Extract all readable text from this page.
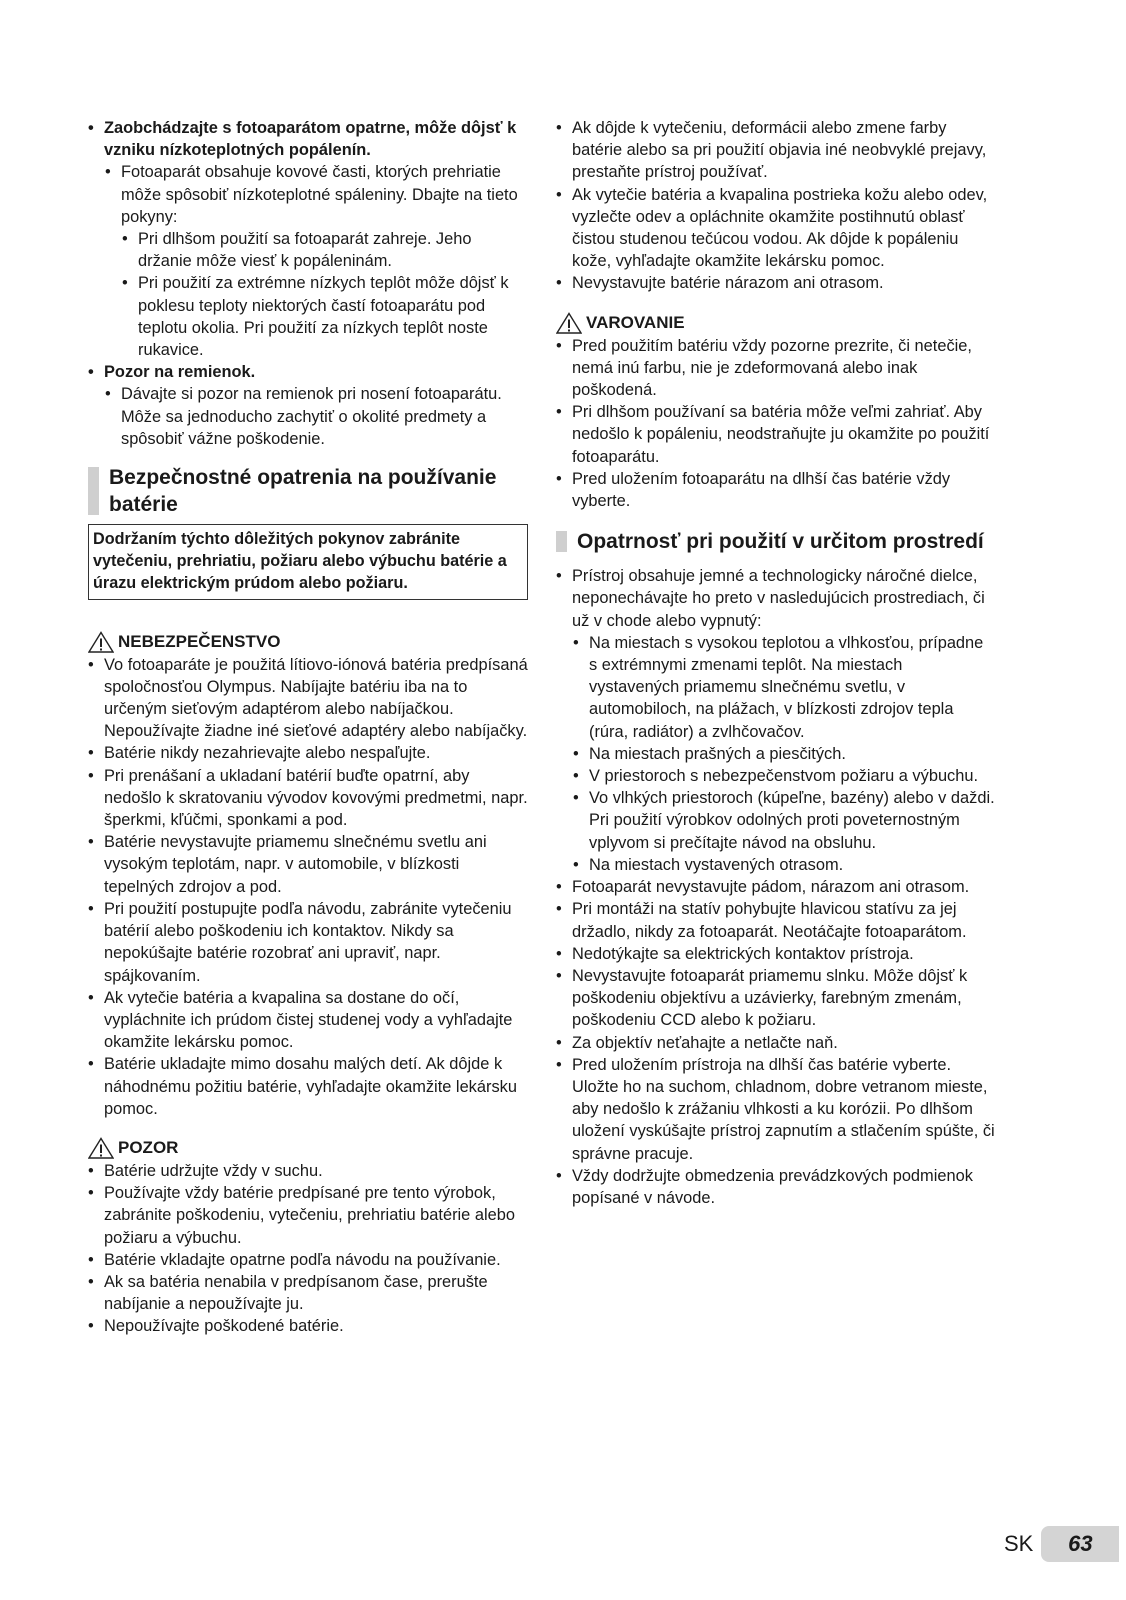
• Zaobchádzajte s fotoaparátom opatrne, môže dôjsť k vzniku nízkoteplotných popálenín.
• Fotoaparát obsahuje kovové časti, ktorých prehriatie môže spôsobiť nízkoteplotné spáleniny. Dbajte na tieto pokyny:
• Pri dlhšom použití sa fotoaparát zahreje. Jeho držanie môže viesť k popáleninám.
• Pri použití za extrémne nízkych teplôt môže dôjsť k poklesu teploty niektorých častí fotoaparátu pod teplotu okolia. Pri použití za nízkych teplôt noste rukavice.
• Pozor na remienok.
• Dávajte si pozor na remienok pri nosení fotoaparátu. Môže sa jednoducho zachytiť o okolité predmety a spôsobiť vážne poškodenie.
Bezpečnostné opatrenia na používanie batérie
Dodržaním týchto dôležitých pokynov zabránite vytečeniu, prehriatiu, požiaru alebo výbuchu batérie a úrazu elektrickým prúdom alebo požiaru.
NEBEZPEČENSTVO
• Vo fotoaparáte je použitá lítiovo-iónová batéria predpísaná spoločnosťou Olympus. Nabíjajte batériu iba na to určeným sieťovým adaptérom alebo nabíjačkou. Nepoužívajte žiadne iné sieťové adaptéry alebo nabíjačky.
• Batérie nikdy nezahrievajte alebo nespaľujte.
• Pri prenášaní a ukladaní batérií buďte opatrní, aby nedošlo k skratovaniu vývodov kovovými predmetmi, napr. šperkmi, kľúčmi, sponkami a pod.
• Batérie nevystavujte priamemu slnečnému svetlu ani vysokým teplotám, napr. v automobile, v blízkosti tepelných zdrojov a pod.
• Pri použití postupujte podľa návodu, zabránite vytečeniu batérií alebo poškodeniu ich kontaktov. Nikdy sa nepokúšajte batérie rozobrať ani upraviť, napr. spájkovaním.
• Ak vytečie batéria a kvapalina sa dostane do očí, vypláchnite ich prúdom čistej studenej vody a vyhľadajte okamžite lekársku pomoc.
• Batérie ukladajte mimo dosahu malých detí. Ak dôjde k náhodnému požitiu batérie, vyhľadajte okamžite lekársku pomoc.
POZOR
• Batérie udržujte vždy v suchu.
• Používajte vždy batérie predpísané pre tento výrobok, zabránite poškodeniu, vytečeniu, prehriatiu batérie alebo požiaru a výbuchu.
• Batérie vkladajte opatrne podľa návodu na používanie.
• Ak sa batéria nenabila v predpísanom čase, prerušte nabíjanie a nepoužívajte ju.
• Nepoužívajte poškodené batérie.
• Ak dôjde k vytečeniu, deformácii alebo zmene farby batérie alebo sa pri použití objavia iné neobvyklé prejavy, prestaňte prístroj používať.
• Ak vytečie batéria a kvapalina postrieka kožu alebo odev, vyzlečte odev a opláchnite okamžite postihnutú oblasť čistou studenou tečúcou vodou. Ak dôjde k popáleniu kože, vyhľadajte okamžite lekársku pomoc.
• Nevystavujte batérie nárazom ani otrasom.
VAROVANIE
• Pred použitím batériu vždy pozorne prezrite, či netečie, nemá inú farbu, nie je zdeformovaná alebo inak poškodená.
• Pri dlhšom používaní sa batéria môže veľmi zahriať. Aby nedošlo k popáleniu, neodstraňujte ju okamžite po použití fotoaparátu.
• Pred uložením fotoaparátu na dlhší čas batérie vždy vyberte.
Opatrnosť pri použití v určitom prostredí
• Prístroj obsahuje jemné a technologicky náročné dielce, neponechávajte ho preto v nasledujúcich prostrediach, či už v chode alebo vypnutý:
• Na miestach s vysokou teplotou a vlhkosťou, prípadne s extrémnymi zmenami teplôt. Na miestach vystavených priamemu slnečnému svetlu, v automobiloch, na plážach, v blízkosti zdrojov tepla (rúra, radiátor) a zvlhčovačov.
• Na miestach prašných a piesčitých.
• V priestoroch s nebezpečenstvom požiaru a výbuchu.
• Vo vlhkých priestoroch (kúpeľne, bazény) alebo v daždi. Pri použití výrobkov odolných proti poveternostným vplyvom si prečítajte návod na obsluhu.
• Na miestach vystavených otrasom.
• Fotoaparát nevystavujte pádom, nárazom ani otrasom.
• Pri montáži na statív pohybujte hlavicou statívu za jej držadlo, nikdy za fotoaparát. Neotáčajte fotoaparátom.
• Nedotýkajte sa elektrických kontaktov prístroja.
• Nevystavujte fotoaparát priamemu slnku. Môže dôjsť k poškodeniu objektívu a uzávierky, farebným zmenám, poškodeniu CCD alebo k požiaru.
• Za objektív neťahajte a netlačte naň.
• Pred uložením prístroja na dlhší čas batérie vyberte. Uložte ho na suchom, chladnom, dobre vetranom mieste, aby nedošlo k zrážaniu vlhkosti a ku korózii. Po dlhšom uložení vyskúšajte prístroj zapnutím a stlačením spúšte, či správne pracuje.
• Vždy dodržujte obmedzenia prevádzkových podmienok popísané v návode.
SK	63
